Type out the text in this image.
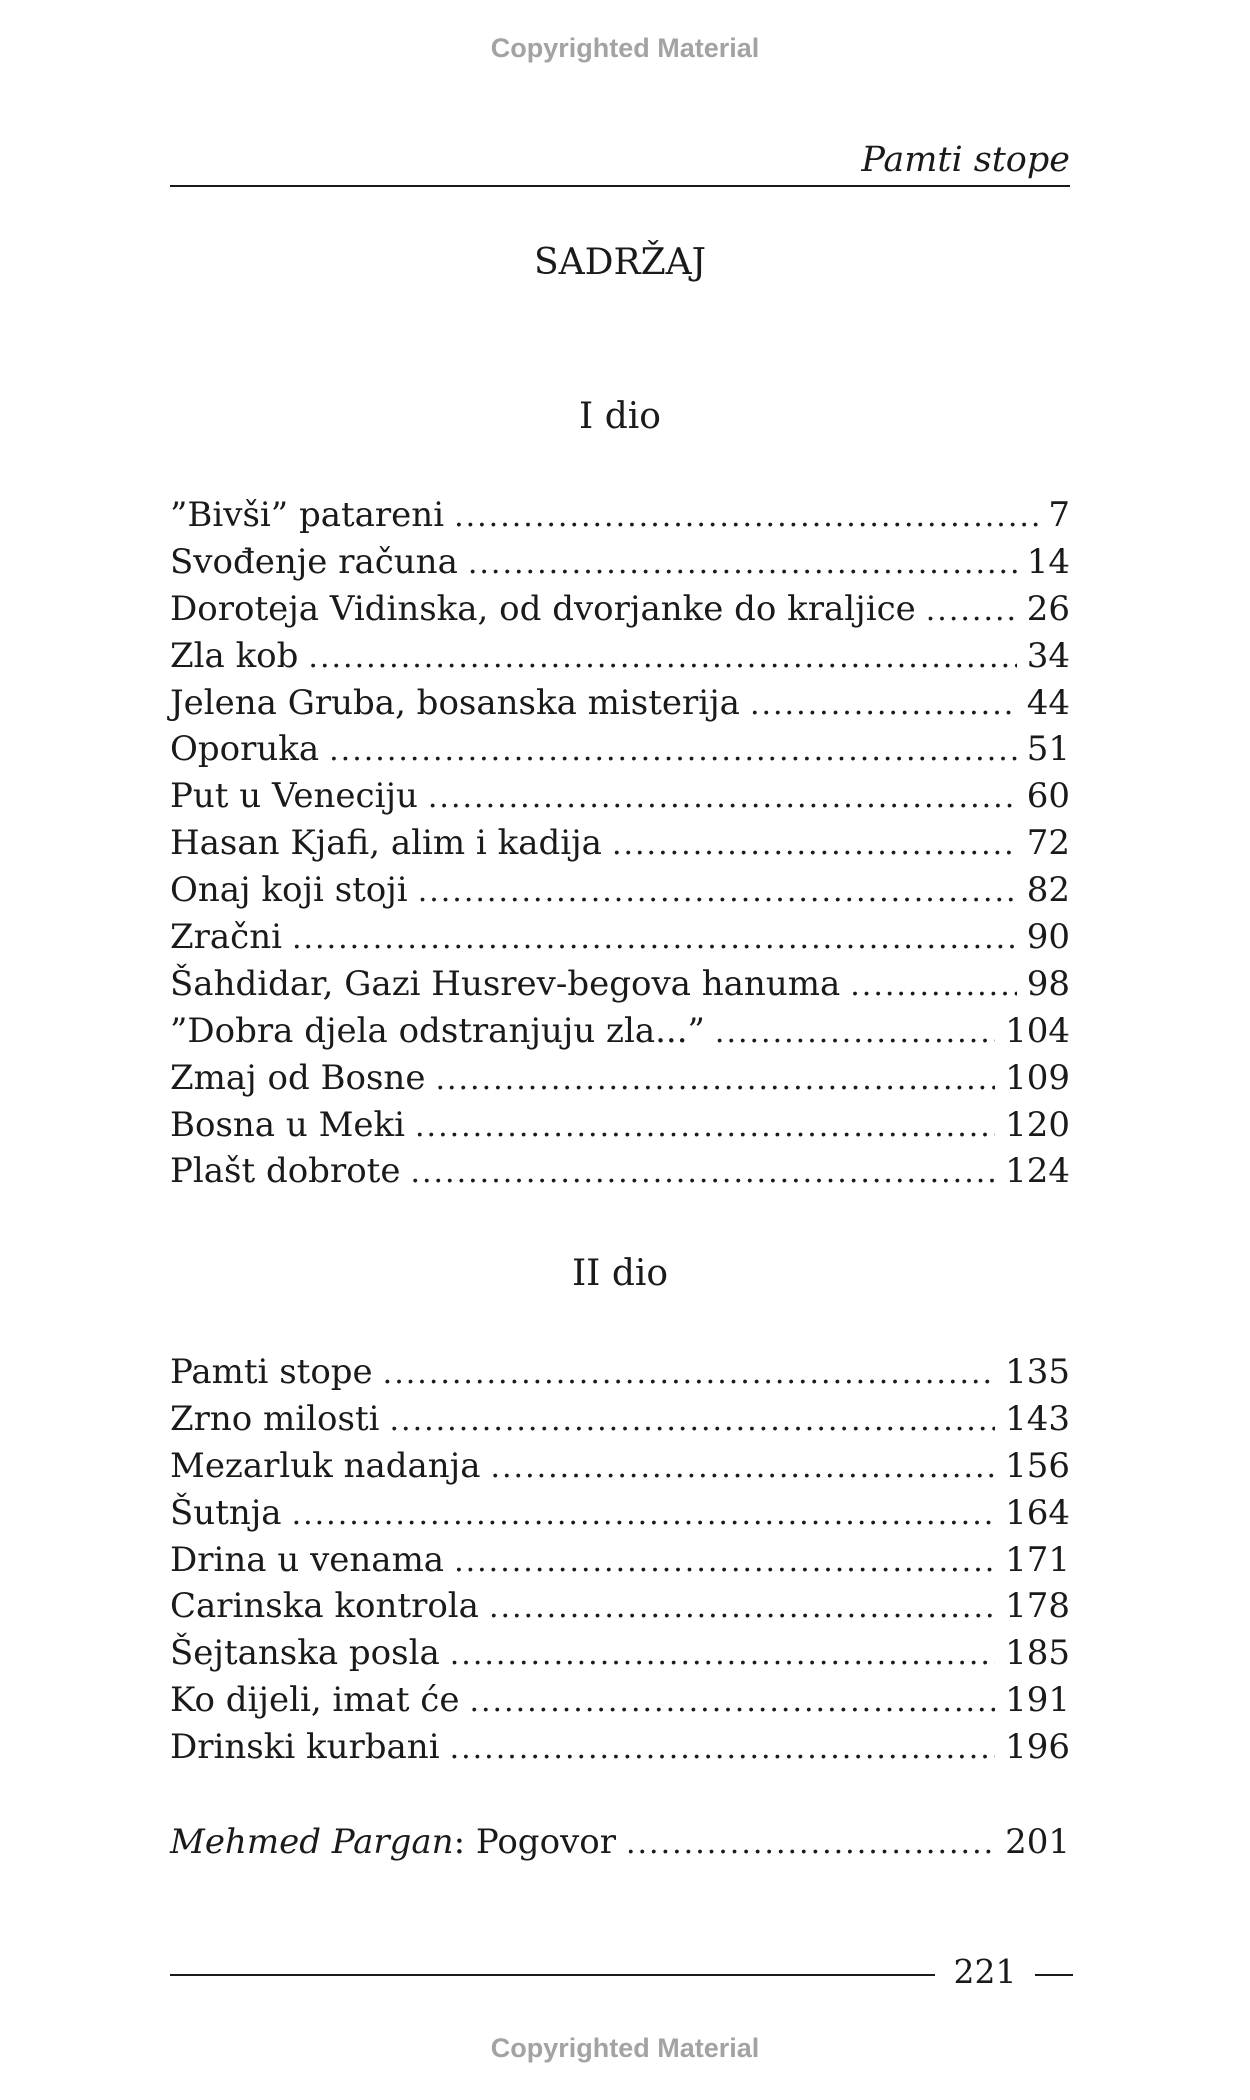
Copyrighted Material
Pamti stope
SADRŽAJ
I dio
”Bivši” patareni .....	7
Svođenje računa .....	14
Doroteja Vidinska, od dvorjanke do kraljice .....	26
Zla kob .....	34
Jelena Gruba, bosanska misterija .....	44
Oporuka .....	51
Put u Veneciju .....	60
Hasan Kjafi, alim i kadija .....	72
Onaj koji stoji .....	82
Zračni .....	90
Šahdidar, Gazi Husrev-begova hanuma .....	98
”Dobra djela odstranjuju zla...” .....	104
Zmaj od Bosne .....	109
Bosna u Meki .....	120
Plašt dobrote .....	124
II dio
Pamti stope .....	135
Zrno milosti .....	143
Mezarluk nadanja .....	156
Šutnja .....	164
Drina u venama .....	171
Carinska kontrola .....	178
Šejtanska posla .....	185
Ko dijeli, imat će .....	191
Drinski kurbani .....	196
Mehmed Pargan: Pogovor .....	201
221
Copyrighted Material
